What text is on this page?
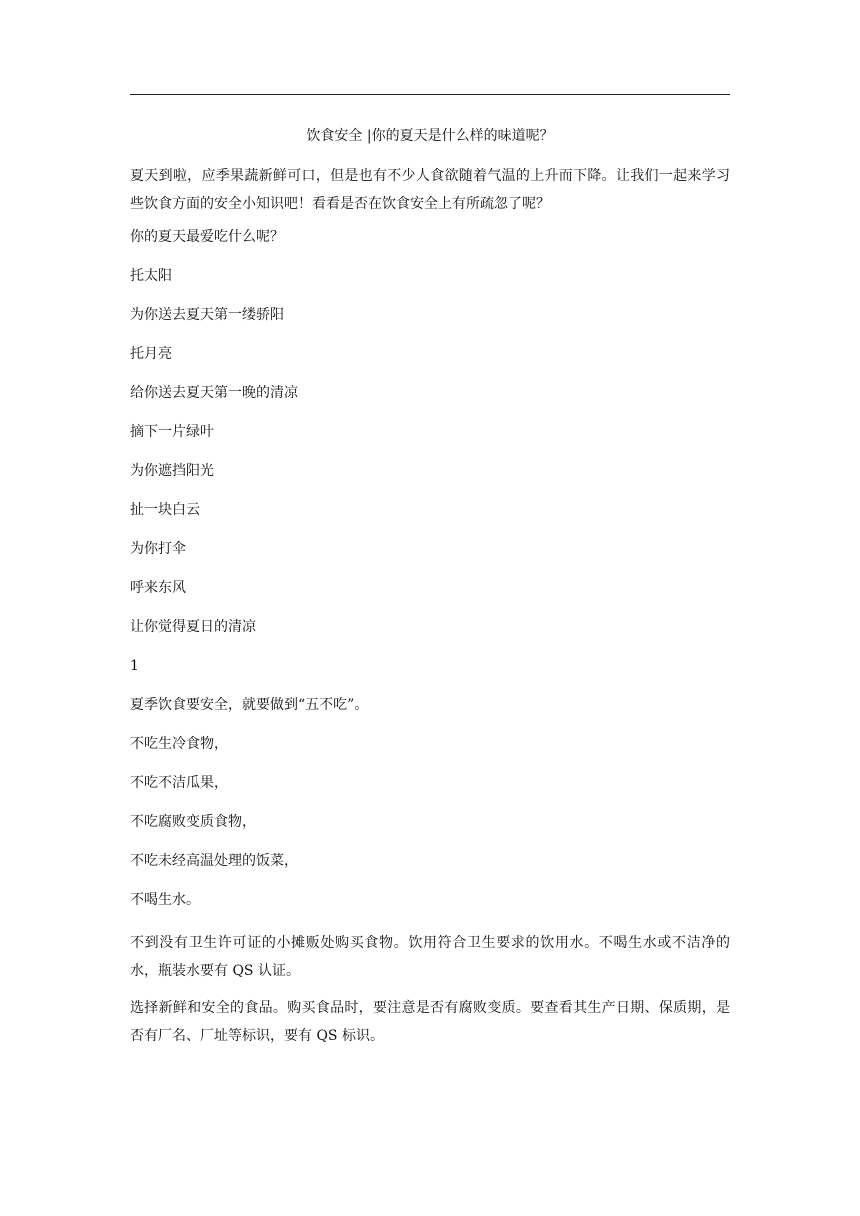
饮食安全 |你的夏天是什么样的味道呢？
夏天到啦，应季果蔬新鲜可口，但是也有不少人食欲随着气温的上升而下降。让我们一起来学习些饮食方面的安全小知识吧！看看是否在饮食安全上有所疏忽了呢？
你的夏天最爱吃什么呢？
托太阳
为你送去夏天第一缕骄阳
托月亮
给你送去夏天第一晚的清凉
摘下一片绿叶
为你遮挡阳光
扯一块白云
为你打伞
呼来东风
让你觉得夏日的清凉
1
夏季饮食要安全，就要做到“五不吃”。
不吃生冷食物，
不吃不洁瓜果，
不吃腐败变质食物，
不吃未经高温处理的饭菜，
不喝生水。
不到没有卫生许可证的小摊贩处购买食物。饮用符合卫生要求的饮用水。不喝生水或不洁净的水，瓶装水要有 QS 认证。
选择新鲜和安全的食品。购买食品时，要注意是否有腐败变质。要查看其生产日期、保质期，是否有厂名、厂址等标识，要有 QS 标识。
